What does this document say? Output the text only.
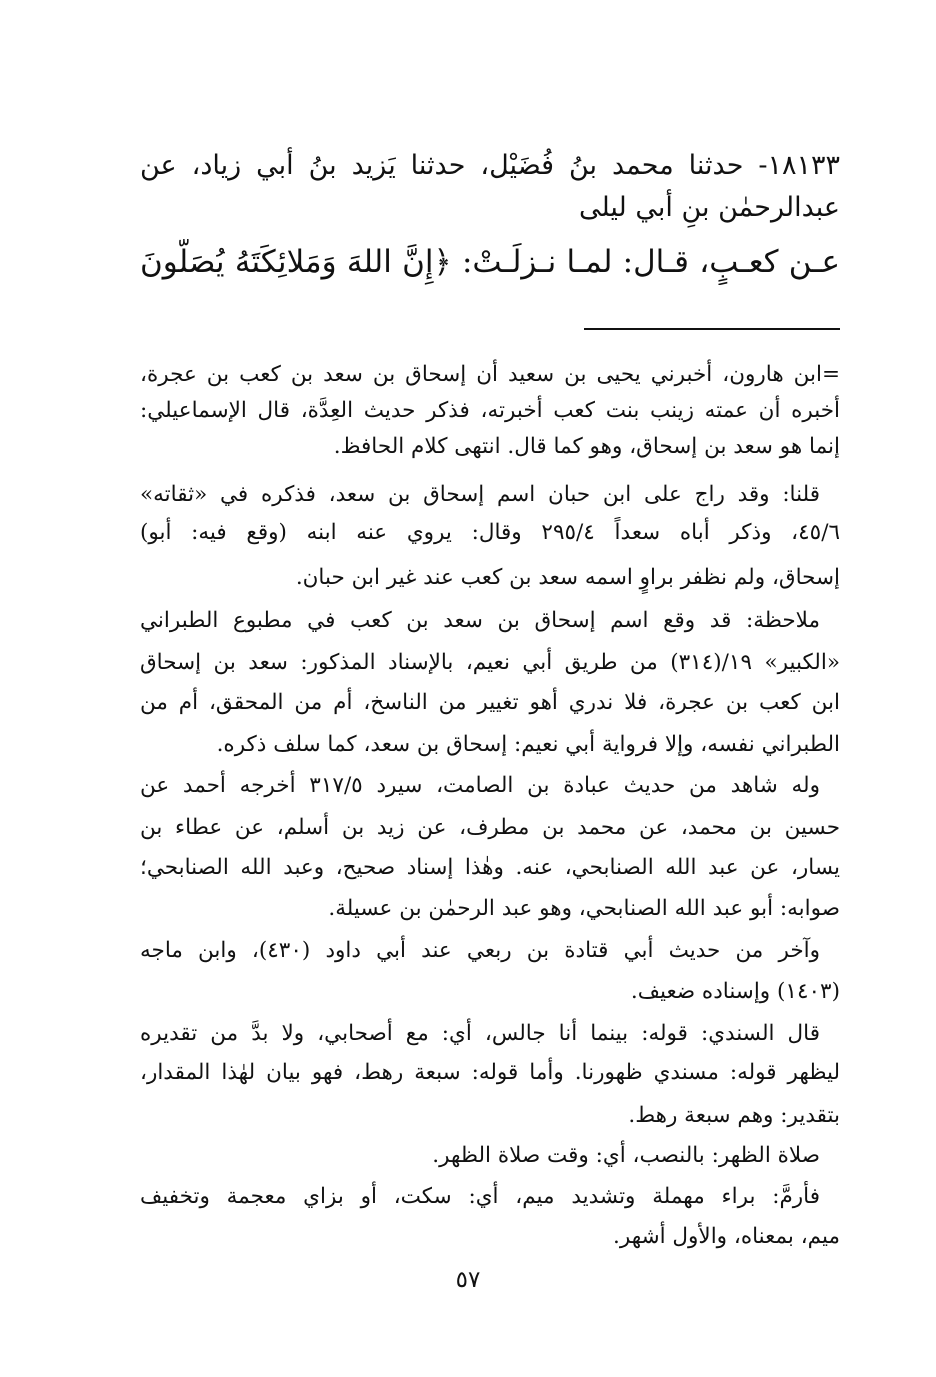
١٨١٣٣- حدثنا محمد بنُ فُضَيْل، حدثنا يَزيد بنُ أبي زياد، عن
عبدالرحمٰن بنِ أبي ليلى
عـن كعـبٍ، قـال: لمـا نـزلَـتْ: ﴿إِنَّ اللهَ وَمَلائِكَتَهُ يُصَلُّونَ
=ابن هارون، أخبرني يحيى بن سعيد أن إسحاق بن سعد بن كعب بن عجرة،
أخبره أن عمته زينب بنت كعب أخبرته، فذكر حديث العِدَّة، قال الإسماعيلي:
إنما هو سعد بن إسحاق، وهو كما قال. انتهى كلام الحافظ.
قلنا: وقد راج على ابن حبان اسم إسحاق بن سعد، فذكره في «ثقاته»
٤٥/٦، وذكر أباه سعداً ٢٩٥/٤ وقال: يروي عنه ابنه (وقع فيه: أبو)
إسحاق، ولم نظفر براوٍ اسمه سعد بن كعب عند غير ابن حبان.
ملاحظة: قد وقع اسم إسحاق بن سعد بن كعب في مطبوع الطبراني
«الكبير» ١٩/(٣١٤) من طريق أبي نعيم، بالإسناد المذكور: سعد بن إسحاق
ابن كعب بن عجرة، فلا ندري أهو تغيير من الناسخ، أم من المحقق، أم من
الطبراني نفسه، وإلا فرواية أبي نعيم: إسحاق بن سعد، كما سلف ذكره.
وله شاهد من حديث عبادة بن الصامت، سيرد ٣١٧/٥ أخرجه أحمد عن
حسين بن محمد، عن محمد بن مطرف، عن زيد بن أسلم، عن عطاء بن
يسار، عن عبد الله الصنابحي، عنه. وهٰذا إسناد صحيح، وعبد الله الصنابحي؛
صوابه: أبو عبد الله الصنابحي، وهو عبد الرحمٰن بن عسيلة.
وآخر من حديث أبي قتادة بن ربعي عند أبي داود (٤٣٠)، وابن ماجه
(١٤٠٣) وإسناده ضعيف.
قال السندي: قوله: بينما أنا جالس، أي: مع أصحابي، ولا بدَّ من تقديره
ليظهر قوله: مسندي ظهورنا. وأما قوله: سبعة رهط، فهو بيان لهٰذا المقدار،
بتقدير: وهم سبعة رهط.
صلاة الظهر: بالنصب، أي: وقت صلاة الظهر.
فأرمَّ: براء مهملة وتشديد ميم، أي: سكت، أو بزاي معجمة وتخفيف
ميم، بمعناه، والأول أشهر.
٥٧
